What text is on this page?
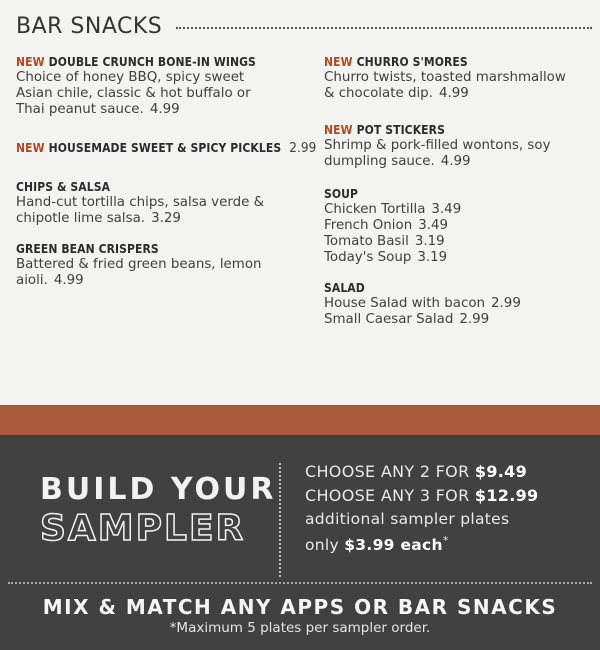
BAR SNACKS
NEW DOUBLE CRUNCH BONE-IN WINGS
Choice of honey BBQ, spicy sweet
Asian chile, classic & hot buffalo or
Thai peanut sauce. 4.99
NEW HOUSEMADE SWEET & SPICY PICKLES 2.99
CHIPS & SALSA
Hand-cut tortilla chips, salsa verde &
chipotle lime salsa. 3.29
GREEN BEAN CRISPERS
Battered & fried green beans, lemon
aioli. 4.99
NEW CHURRO S'MORES
Churro twists, toasted marshmallow
& chocolate dip. 4.99
NEW POT STICKERS
Shrimp & pork-filled wontons, soy
dumpling sauce. 4.99
SOUP
Chicken Tortilla 3.49
French Onion 3.49
Tomato Basil 3.19
Today's Soup 3.19
SALAD
House Salad with bacon 2.99
Small Caesar Salad 2.99
BUILD YOUR
SAMPLER
CHOOSE ANY 2 FOR $9.49
CHOOSE ANY 3 FOR $12.99
additional sampler plates
only $3.99 each*
MIX & MATCH ANY APPS OR BAR SNACKS
*Maximum 5 plates per sampler order.
